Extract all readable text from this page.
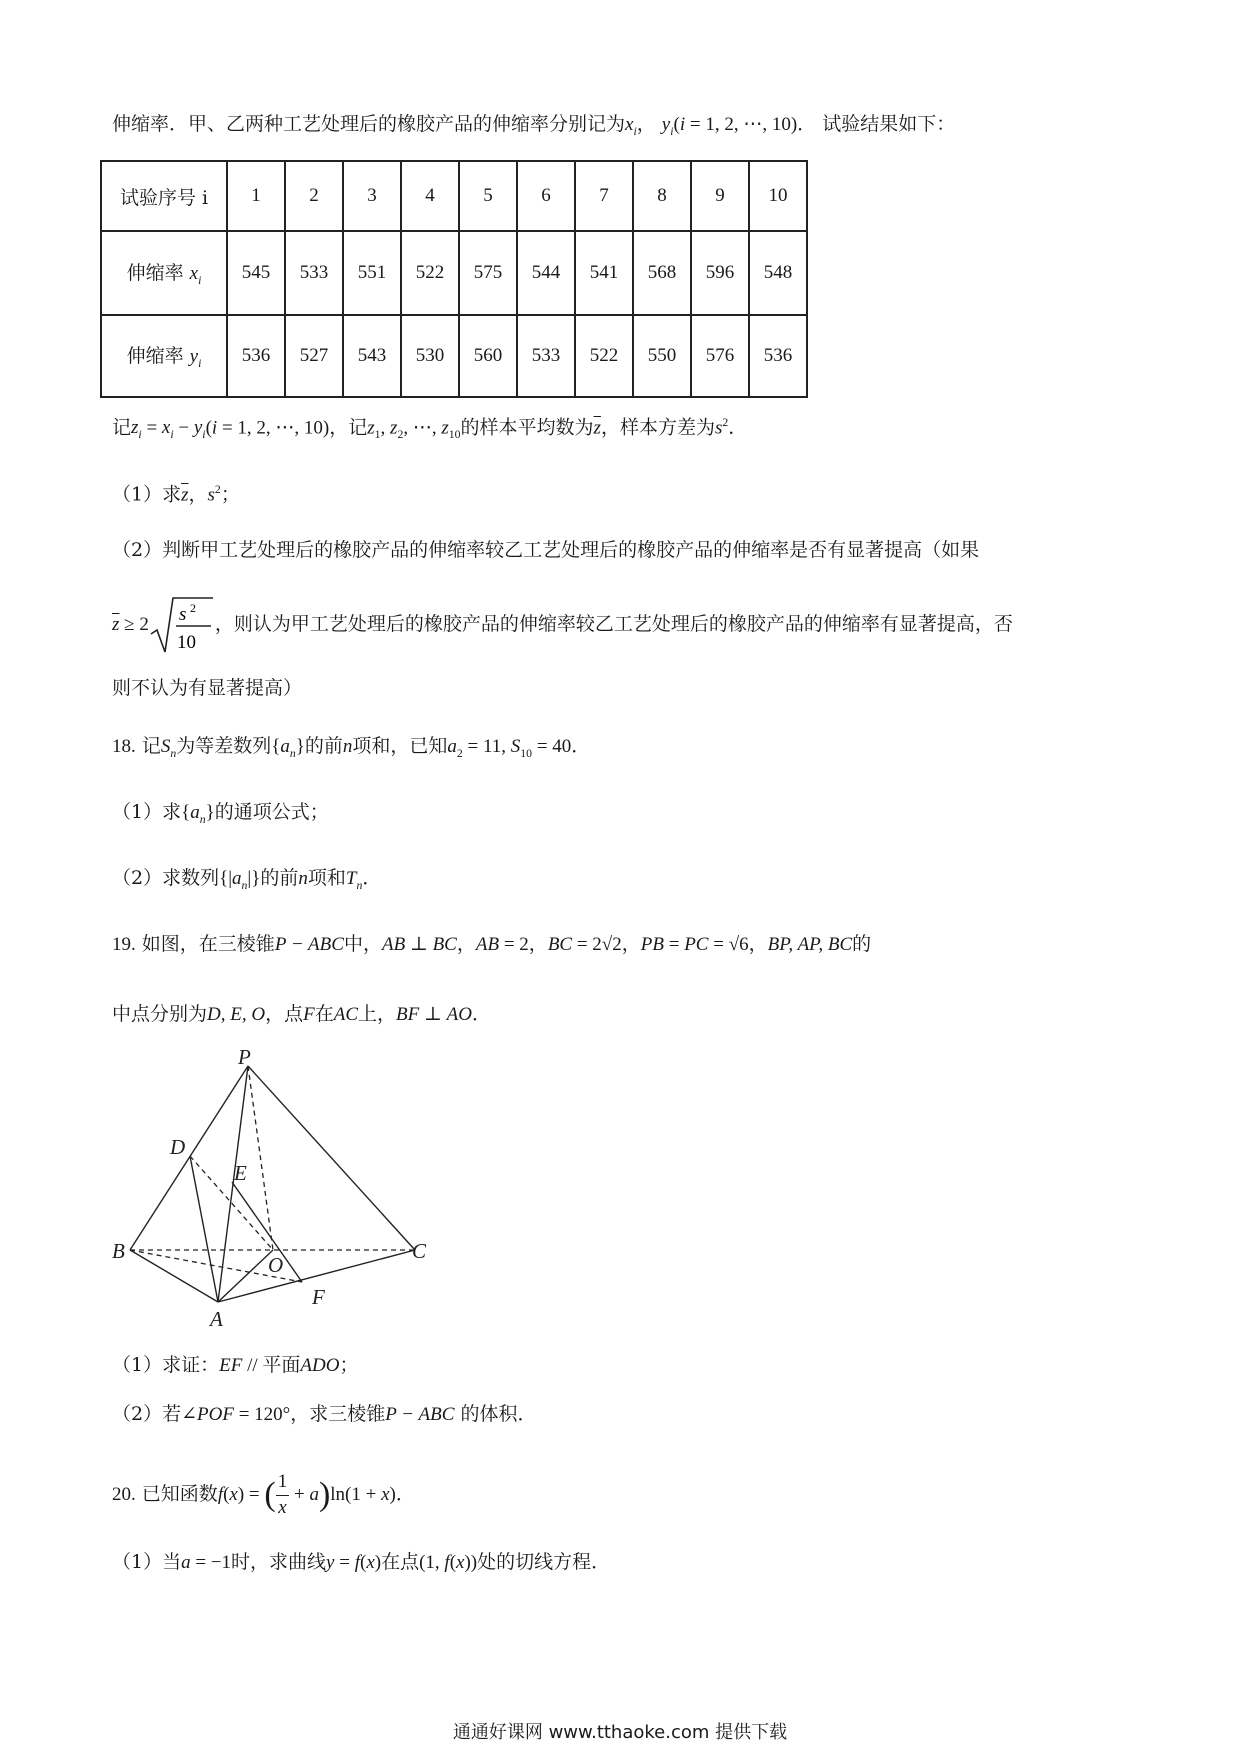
伸缩率．甲、乙两种工艺处理后的橡胶产品的伸缩率分别记为$x_i$， $y_i(i = 1$, 2, ⋯, 10)． 试验结果如下：
试验序号 i	1	2	3	4	5	6	7	8	9	10
伸缩率 $x_i$	545	533	551	522	575	544	541	568	596	548
伸缩率 $y_i$	536	527	543	530	560	533	522	550	576	536
记$z_i = x_i - y_i(i = 1$, 2, ⋯, 10)，记$z_1$, $z_2$, ⋯, $z_{10}$的样本平均数为$\overline{z}$，样本方差为$s^2$．
（1）求$\overline{z}$，$s^2$；
（2）判断甲工艺处理后的橡胶产品的伸缩率较乙工艺处理后的橡胶产品的伸缩率是否有显著提高（如果
$\overline{z} \ge 2$ s 2
10
，则认为甲工艺处理后的橡胶产品的伸缩率较乙工艺处理后的橡胶产品的伸缩率有显著提高，否
则不认为有显著提高）
18. 记$S_n$为等差数列$\{a_n\}$的前n项和，已知$a_2 = 11$, $S_{10} = 40$．
（1）求$\{a_n\}$的通项公式；
（2）求数列$\{|a_n|\}$的前n项和$T_n$．
19. 如图，在三棱锥P − ABC中，AB ⊥ BC，AB = 2，BC = 2√2，PB = PC = √6，BP, AP, BC的
中点分别为D, E, O，点F在AC上，BF ⊥ AO．
P
D
E
B
O
C
F
A
（1）求证：EF // 平面ADO；
（2）若∠POF = 120°，求三棱锥P − ABC 的体积．
20. 已知函数f(x) = ( $\frac{1}{x} + a)\ln(1 + x)$．
（1）当a = −1时，求曲线y = f(x)在点(1, f(x))处的切线方程．
通通好课网 www.tthaoke.com 提供下载
